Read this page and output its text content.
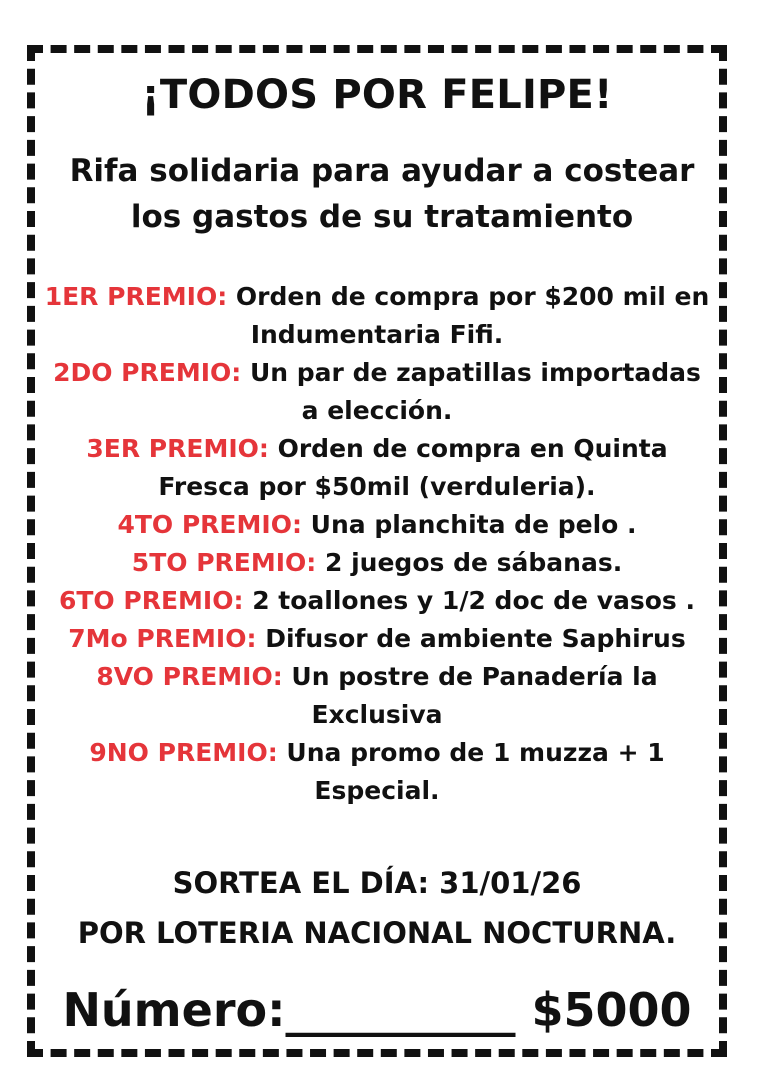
¡TODOS POR FELIPE!
Rifa solidaria para ayudar a costear
los gastos de su tratamiento
1ER PREMIO: Orden de compra por $200 mil en
Indumentaria Fifi.
2DO PREMIO: Un par de zapatillas importadas
a elección.
3ER PREMIO: Orden de compra en Quinta
Fresca por $50mil (verduleria).
4TO PREMIO: Una planchita de pelo .
5TO PREMIO: 2 juegos de sábanas.
6TO PREMIO: 2 toallones y 1/2 doc de vasos .
7Mo PREMIO: Difusor de ambiente Saphirus
8VO PREMIO: Un postre de Panadería la
Exclusiva
9NO PREMIO: Una promo de 1 muzza + 1
Especial.
SORTEA EL DÍA: 31/01/26
POR LOTERIA NACIONAL NOCTURNA.
Número:__________ $5000
